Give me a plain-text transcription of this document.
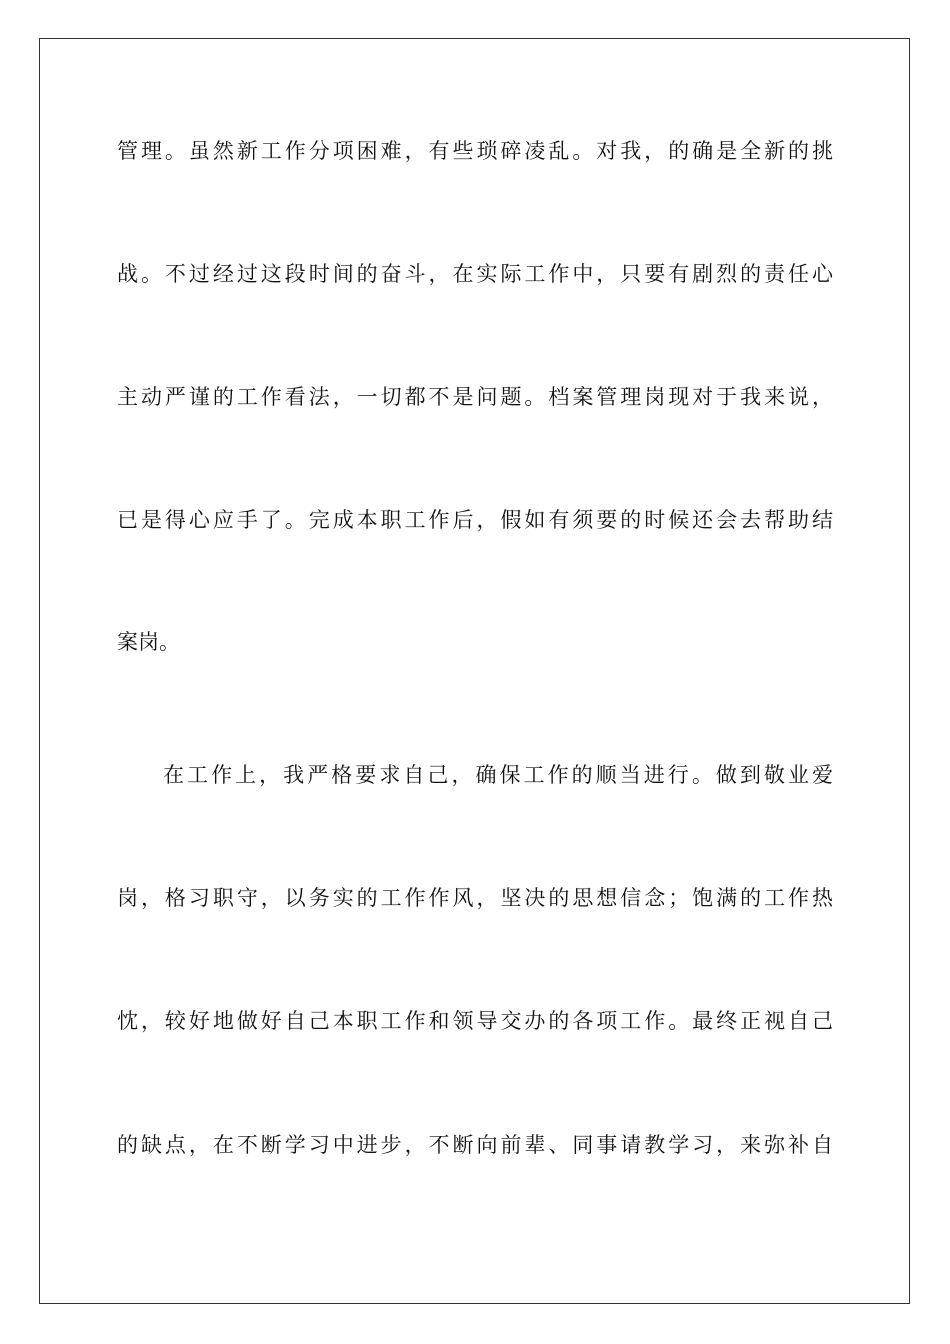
管理。虽然新工作分项困难，有些琐碎凌乱。对我，的确是全新的挑

战。不过经过这段时间的奋斗，在实际工作中，只要有剧烈的责任心

主动严谨的工作看法，一切都不是问题。档案管理岗现对于我来说，

已是得心应手了。完成本职工作后，假如有须要的时候还会去帮助结

案岗。

在工作上，我严格要求自己，确保工作的顺当进行。做到敬业爱

岗，格习职守，以务实的工作作风，坚决的思想信念；饱满的工作热

忱，较好地做好自己本职工作和领导交办的各项工作。最终正视自己

的缺点，在不断学习中进步，不断向前辈、同事请教学习，来弥补自
